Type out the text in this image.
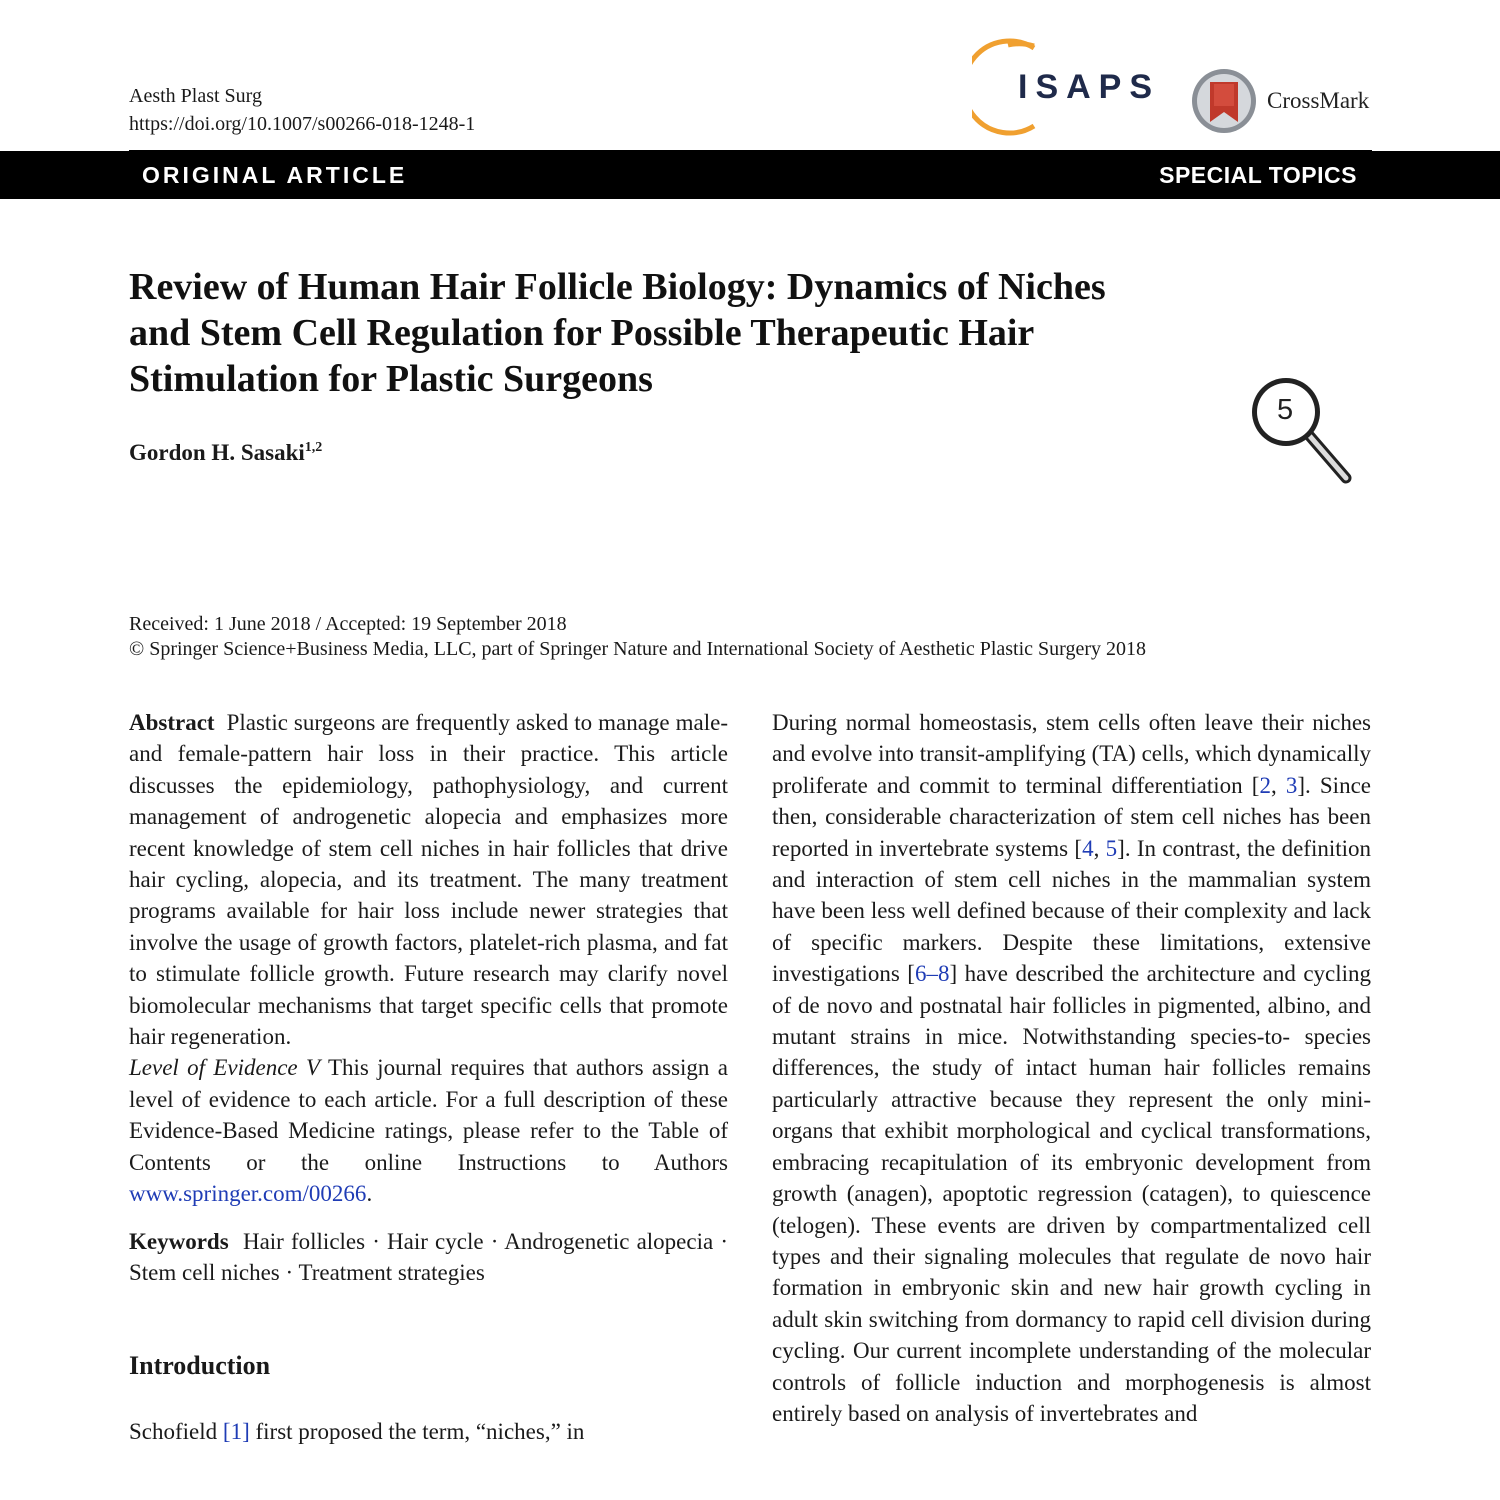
Aesth Plast Surg
https://doi.org/10.1007/s00266-018-1248-1
ISAPS	CrossMark
ORIGINAL ARTICLE	SPECIAL TOPICS
Review of Human Hair Follicle Biology: Dynamics of Niches
and Stem Cell Regulation for Possible Therapeutic Hair
Stimulation for Plastic Surgeons
Gordon H. Sasaki$^{1,2}$
5
Received: 1 June 2018 / Accepted: 19 September 2018
© Springer Science+Business Media, LLC, part of Springer Nature and International Society of Aesthetic Plastic Surgery 2018
Abstract Plastic surgeons are frequently asked to manage male- and female-pattern hair loss in their practice. This article discusses the epidemiology, pathophysiology, and current management of androgenetic alopecia and emphasizes more recent knowledge of stem cell niches in hair follicles that drive hair cycling, alopecia, and its treatment. The many treatment programs available for hair loss include newer strategies that involve the usage of growth factors, platelet-rich plasma, and fat to stimulate follicle growth. Future research may clarify novel biomolecular mechanisms that target specific cells that promote hair regeneration.
Level of Evidence V This journal requires that authors assign a level of evidence to each article. For a full description of these Evidence-Based Medicine ratings, please refer to the Table of Contents or the online Instructions to Authors www.springer.com/00266.
Keywords Hair follicles · Hair cycle · Androgenetic alopecia · Stem cell niches · Treatment strategies
Introduction
Schofield [1] first proposed the term, “niches,” in
During normal homeostasis, stem cells often leave their niches and evolve into transit-amplifying (TA) cells, which dynamically proliferate and commit to terminal differentiation [2, 3]. Since then, considerable characterization of stem cell niches has been reported in invertebrate systems [4, 5]. In contrast, the definition and interaction of stem cell niches in the mammalian system have been less well defined because of their complexity and lack of specific markers. Despite these limitations, extensive investigations [6–8] have described the architecture and cycling of de novo and postnatal hair follicles in pigmented, albino, and mutant strains in mice. Notwithstanding species-to- species differences, the study of intact human hair follicles remains particularly attractive because they represent the only mini-organs that exhibit morphological and cyclical transformations, embracing recapitulation of its embryonic development from growth (anagen), apoptotic regression (catagen), to quiescence (telogen). These events are driven by compartmentalized cell types and their signaling molecules that regulate de novo hair formation in embryonic skin and new hair growth cycling in adult skin switching from dormancy to rapid cell division during cycling. Our current incomplete understanding of the molecular controls of follicle induction and morphogenesis is almost entirely based on analysis of invertebrates and
